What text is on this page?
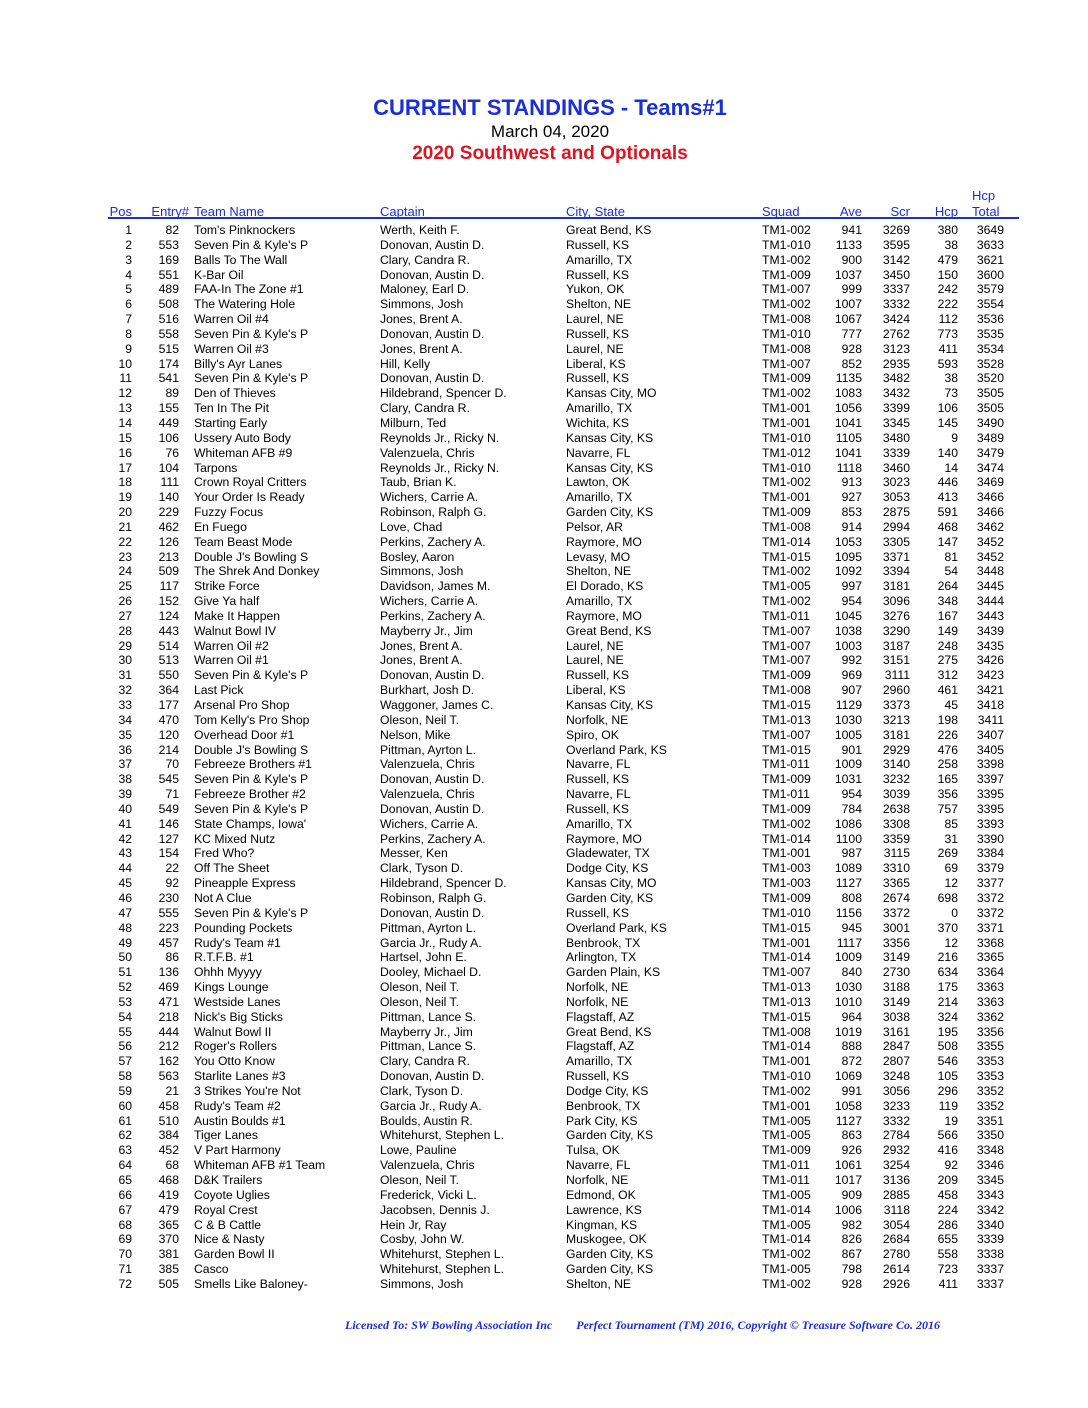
CURRENT STANDINGS - Teams#1
March 04, 2020
2020 Southwest and Optionals
Pos	Entry# Team Name	Captain	City, State	Squad	Ave	Scr	Hcp
Hcp
Total
1	82 Tom's Pinknockers	Werth, Keith F.	Great Bend, KS	TM1-002	941	3269	380	3649
2	553 Seven Pin & Kyle's P	Donovan, Austin D.	Russell, KS	TM1-010	1133	3595	38	3633
3	169 Balls To The Wall	Clary, Candra R.	Amarillo, TX	TM1-002	900	3142	479	3621
4	551 K-Bar Oil	Donovan, Austin D.	Russell, KS	TM1-009	1037	3450	150	3600
5	489 FAA-In The Zone #1	Maloney, Earl D.	Yukon, OK	TM1-007	999	3337	242	3579
6	508 The Watering Hole	Simmons, Josh	Shelton, NE	TM1-002	1007	3332	222	3554
7	516 Warren Oil #4	Jones, Brent A.	Laurel, NE	TM1-008	1067	3424	112	3536
8	558 Seven Pin & Kyle's P	Donovan, Austin D.	Russell, KS	TM1-010	777	2762	773	3535
9	515 Warren Oil #3	Jones, Brent A.	Laurel, NE	TM1-008	928	3123	411	3534
10	174 Billy's Ayr Lanes	Hill, Kelly	Liberal, KS	TM1-007	852	2935	593	3528
11	541 Seven Pin & Kyle's P	Donovan, Austin D.	Russell, KS	TM1-009	1135	3482	38	3520
12	89 Den of Thieves	Hildebrand, Spencer D.	Kansas City, MO	TM1-002	1083	3432	73	3505
13	155 Ten In The Pit	Clary, Candra R.	Amarillo, TX	TM1-001	1056	3399	106	3505
14	449 Starting Early	Milburn, Ted	Wichita, KS	TM1-001	1041	3345	145	3490
15	106 Ussery Auto Body	Reynolds Jr., Ricky N.	Kansas City, KS	TM1-010	1105	3480	9	3489
16	76 Whiteman AFB #9	Valenzuela, Chris	Navarre, FL	TM1-012	1041	3339	140	3479
17	104 Tarpons	Reynolds Jr., Ricky N.	Kansas City, KS	TM1-010	1118	3460	14	3474
18	111 Crown Royal Critters	Taub, Brian K.	Lawton, OK	TM1-002	913	3023	446	3469
19	140 Your Order Is Ready	Wichers, Carrie A.	Amarillo, TX	TM1-001	927	3053	413	3466
20	229 Fuzzy Focus	Robinson, Ralph G.	Garden City, KS	TM1-009	853	2875	591	3466
21	462 En Fuego	Love, Chad	Pelsor, AR	TM1-008	914	2994	468	3462
22	126 Team Beast Mode	Perkins, Zachery A.	Raymore, MO	TM1-014	1053	3305	147	3452
23	213 Double J's Bowling S	Bosley, Aaron	Levasy, MO	TM1-015	1095	3371	81	3452
24	509 The Shrek And Donkey	Simmons, Josh	Shelton, NE	TM1-002	1092	3394	54	3448
25	117 Strike Force	Davidson, James M.	El Dorado, KS	TM1-005	997	3181	264	3445
26	152 Give Ya half	Wichers, Carrie A.	Amarillo, TX	TM1-002	954	3096	348	3444
27	124 Make It Happen	Perkins, Zachery A.	Raymore, MO	TM1-011	1045	3276	167	3443
28	443 Walnut Bowl IV	Mayberry Jr., Jim	Great Bend, KS	TM1-007	1038	3290	149	3439
29	514 Warren Oil #2	Jones, Brent A.	Laurel, NE	TM1-007	1003	3187	248	3435
30	513 Warren Oil #1	Jones, Brent A.	Laurel, NE	TM1-007	992	3151	275	3426
31	550 Seven Pin & Kyle's P	Donovan, Austin D.	Russell, KS	TM1-009	969	3111	312	3423
32	364 Last Pick	Burkhart, Josh D.	Liberal, KS	TM1-008	907	2960	461	3421
33	177 Arsenal Pro Shop	Waggoner, James C.	Kansas City, KS	TM1-015	1129	3373	45	3418
34	470 Tom Kelly's Pro Shop	Oleson, Neil T.	Norfolk, NE	TM1-013	1030	3213	198	3411
35	120 Overhead Door #1	Nelson, Mike	Spiro, OK	TM1-007	1005	3181	226	3407
36	214 Double J's Bowling S	Pittman, Ayrton L.	Overland Park, KS	TM1-015	901	2929	476	3405
37	70 Febreeze Brothers #1	Valenzuela, Chris	Navarre, FL	TM1-011	1009	3140	258	3398
38	545 Seven Pin & Kyle's P	Donovan, Austin D.	Russell, KS	TM1-009	1031	3232	165	3397
39	71 Febreeze Brother #2	Valenzuela, Chris	Navarre, FL	TM1-011	954	3039	356	3395
40	549 Seven Pin & Kyle's P	Donovan, Austin D.	Russell, KS	TM1-009	784	2638	757	3395
41	146 State Champs, Iowa'	Wichers, Carrie A.	Amarillo, TX	TM1-002	1086	3308	85	3393
42	127 KC Mixed Nutz	Perkins, Zachery A.	Raymore, MO	TM1-014	1100	3359	31	3390
43	154 Fred Who?	Messer, Ken	Gladewater, TX	TM1-001	987	3115	269	3384
44	22 Off The Sheet	Clark, Tyson D.	Dodge City, KS	TM1-003	1089	3310	69	3379
45	92 Pineapple Express	Hildebrand, Spencer D.	Kansas City, MO	TM1-003	1127	3365	12	3377
46	230 Not A Clue	Robinson, Ralph G.	Garden City, KS	TM1-009	808	2674	698	3372
47	555 Seven Pin & Kyle's P	Donovan, Austin D.	Russell, KS	TM1-010	1156	3372	0	3372
48	223 Pounding Pockets	Pittman, Ayrton L.	Overland Park, KS	TM1-015	945	3001	370	3371
49	457 Rudy's Team #1	Garcia Jr., Rudy A.	Benbrook, TX	TM1-001	1117	3356	12	3368
50	86 R.T.F.B. #1	Hartsel, John E.	Arlington, TX	TM1-014	1009	3149	216	3365
51	136 Ohhh Myyyy	Dooley, Michael D.	Garden Plain, KS	TM1-007	840	2730	634	3364
52	469 Kings Lounge	Oleson, Neil T.	Norfolk, NE	TM1-013	1030	3188	175	3363
53	471 Westside Lanes	Oleson, Neil T.	Norfolk, NE	TM1-013	1010	3149	214	3363
54	218 Nick's Big Sticks	Pittman, Lance S.	Flagstaff, AZ	TM1-015	964	3038	324	3362
55	444 Walnut Bowl II	Mayberry Jr., Jim	Great Bend, KS	TM1-008	1019	3161	195	3356
56	212 Roger's Rollers	Pittman, Lance S.	Flagstaff, AZ	TM1-014	888	2847	508	3355
57	162 You Otto Know	Clary, Candra R.	Amarillo, TX	TM1-001	872	2807	546	3353
58	563 Starlite Lanes #3	Donovan, Austin D.	Russell, KS	TM1-010	1069	3248	105	3353
59	21 3 Strikes You're Not	Clark, Tyson D.	Dodge City, KS	TM1-002	991	3056	296	3352
60	458 Rudy's Team #2	Garcia Jr., Rudy A.	Benbrook, TX	TM1-001	1058	3233	119	3352
61	510 Austin Boulds #1	Boulds, Austin R.	Park City, KS	TM1-005	1127	3332	19	3351
62	384 Tiger Lanes	Whitehurst, Stephen L.	Garden City, KS	TM1-005	863	2784	566	3350
63	452 V Part Harmony	Lowe, Pauline	Tulsa, OK	TM1-009	926	2932	416	3348
64	68 Whiteman AFB #1 Team	Valenzuela, Chris	Navarre, FL	TM1-011	1061	3254	92	3346
65	468 D&K Trailers	Oleson, Neil T.	Norfolk, NE	TM1-011	1017	3136	209	3345
66	419 Coyote Uglies	Frederick, Vicki L.	Edmond, OK	TM1-005	909	2885	458	3343
67	479 Royal Crest	Jacobsen, Dennis J.	Lawrence, KS	TM1-014	1006	3118	224	3342
68	365 C & B Cattle	Hein Jr, Ray	Kingman, KS	TM1-005	982	3054	286	3340
69	370 Nice & Nasty	Cosby, John W.	Muskogee, OK	TM1-014	826	2684	655	3339
70	381 Garden Bowl II	Whitehurst, Stephen L.	Garden City, KS	TM1-002	867	2780	558	3338
71	385 Casco	Whitehurst, Stephen L.	Garden City, KS	TM1-005	798	2614	723	3337
72	505 Smells Like Baloney-	Simmons, Josh	Shelton, NE	TM1-002	928	2926	411	3337
Licensed To: SW Bowling Association Inc Perfect Tournament (TM) 2016, Copyright © Treasure Software Co. 2016
